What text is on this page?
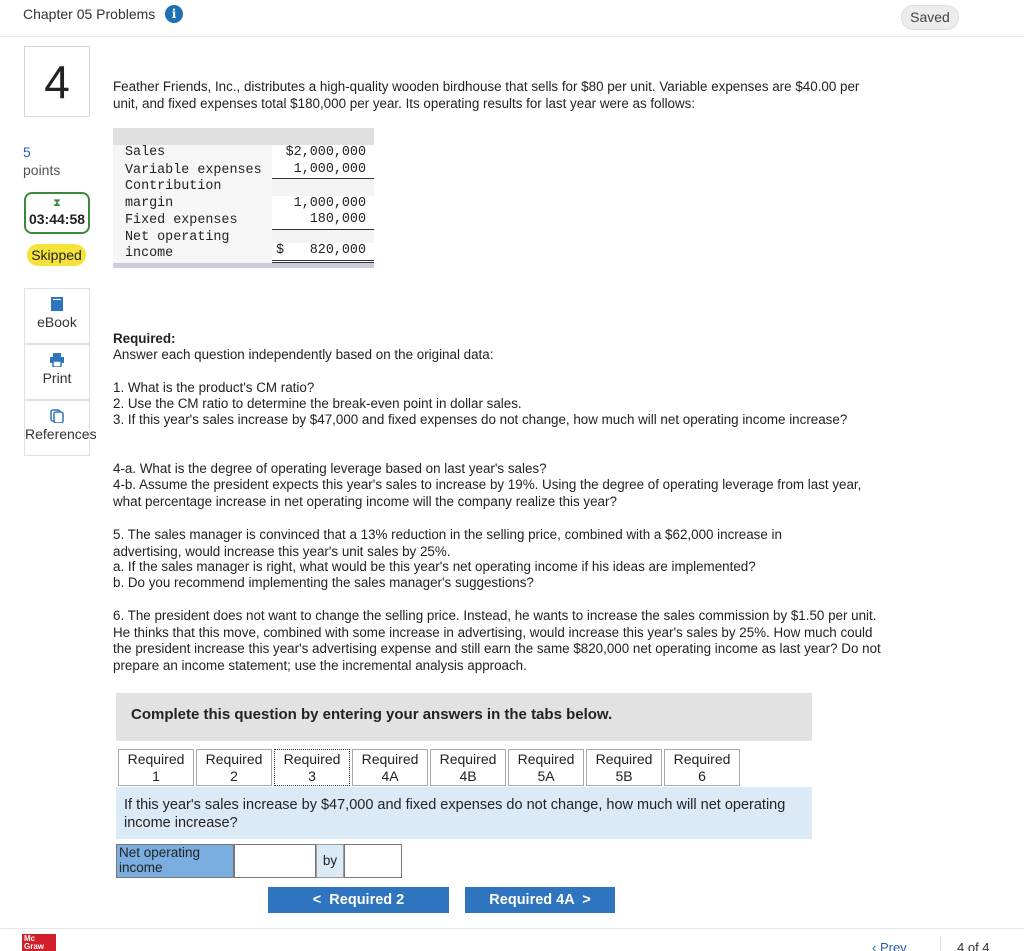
Chapter 05 Problems	i	Saved
4
5
points
⧗
03:44:58
Skipped
eBook
Print
References
Feather Friends, Inc., distributes a high-quality wooden birdhouse that sells for $80 per unit. Variable expenses are $40.00 per unit, and fixed expenses total $180,000 per year. Its operating results for last year were as follows:
Sales	$2,000,000
Variable expenses	1,000,000
Contribution margin	1,000,000
Fixed expenses	180,000
Net operating income	$ 820,000
Required:
Answer each question independently based on the original data:
1. What is the product's CM ratio?
2. Use the CM ratio to determine the break-even point in dollar sales.
3. If this year's sales increase by $47,000 and fixed expenses do not change, how much will net operating income increase?
4-a. What is the degree of operating leverage based on last year's sales?
4-b. Assume the president expects this year's sales to increase by 19%. Using the degree of operating leverage from last year, what percentage increase in net operating income will the company realize this year?
5. The sales manager is convinced that a 13% reduction in the selling price, combined with a $62,000 increase in advertising, would increase this year's unit sales by 25%.
a. If the sales manager is right, what would be this year's net operating income if his ideas are implemented?
b. Do you recommend implementing the sales manager's suggestions?
6. The president does not want to change the selling price. Instead, he wants to increase the sales commission by $1.50 per unit. He thinks that this move, combined with some increase in advertising, would increase this year's sales by 25%. How much could the president increase this year's advertising expense and still earn the same $820,000 net operating income as last year? Do not prepare an income statement; use the incremental analysis approach.
Complete this question by entering your answers in the tabs below.
Required
1
Required
2
Required
3
Required
4A
Required
4B
Required
5A
Required
5B
Required
6
If this year's sales increase by $47,000 and fixed expenses do not change, how much will net operating income increase?
Net operating income	by
< Required 2	Required 4A >
Mc Graw	‹ Prev	4 of 4
